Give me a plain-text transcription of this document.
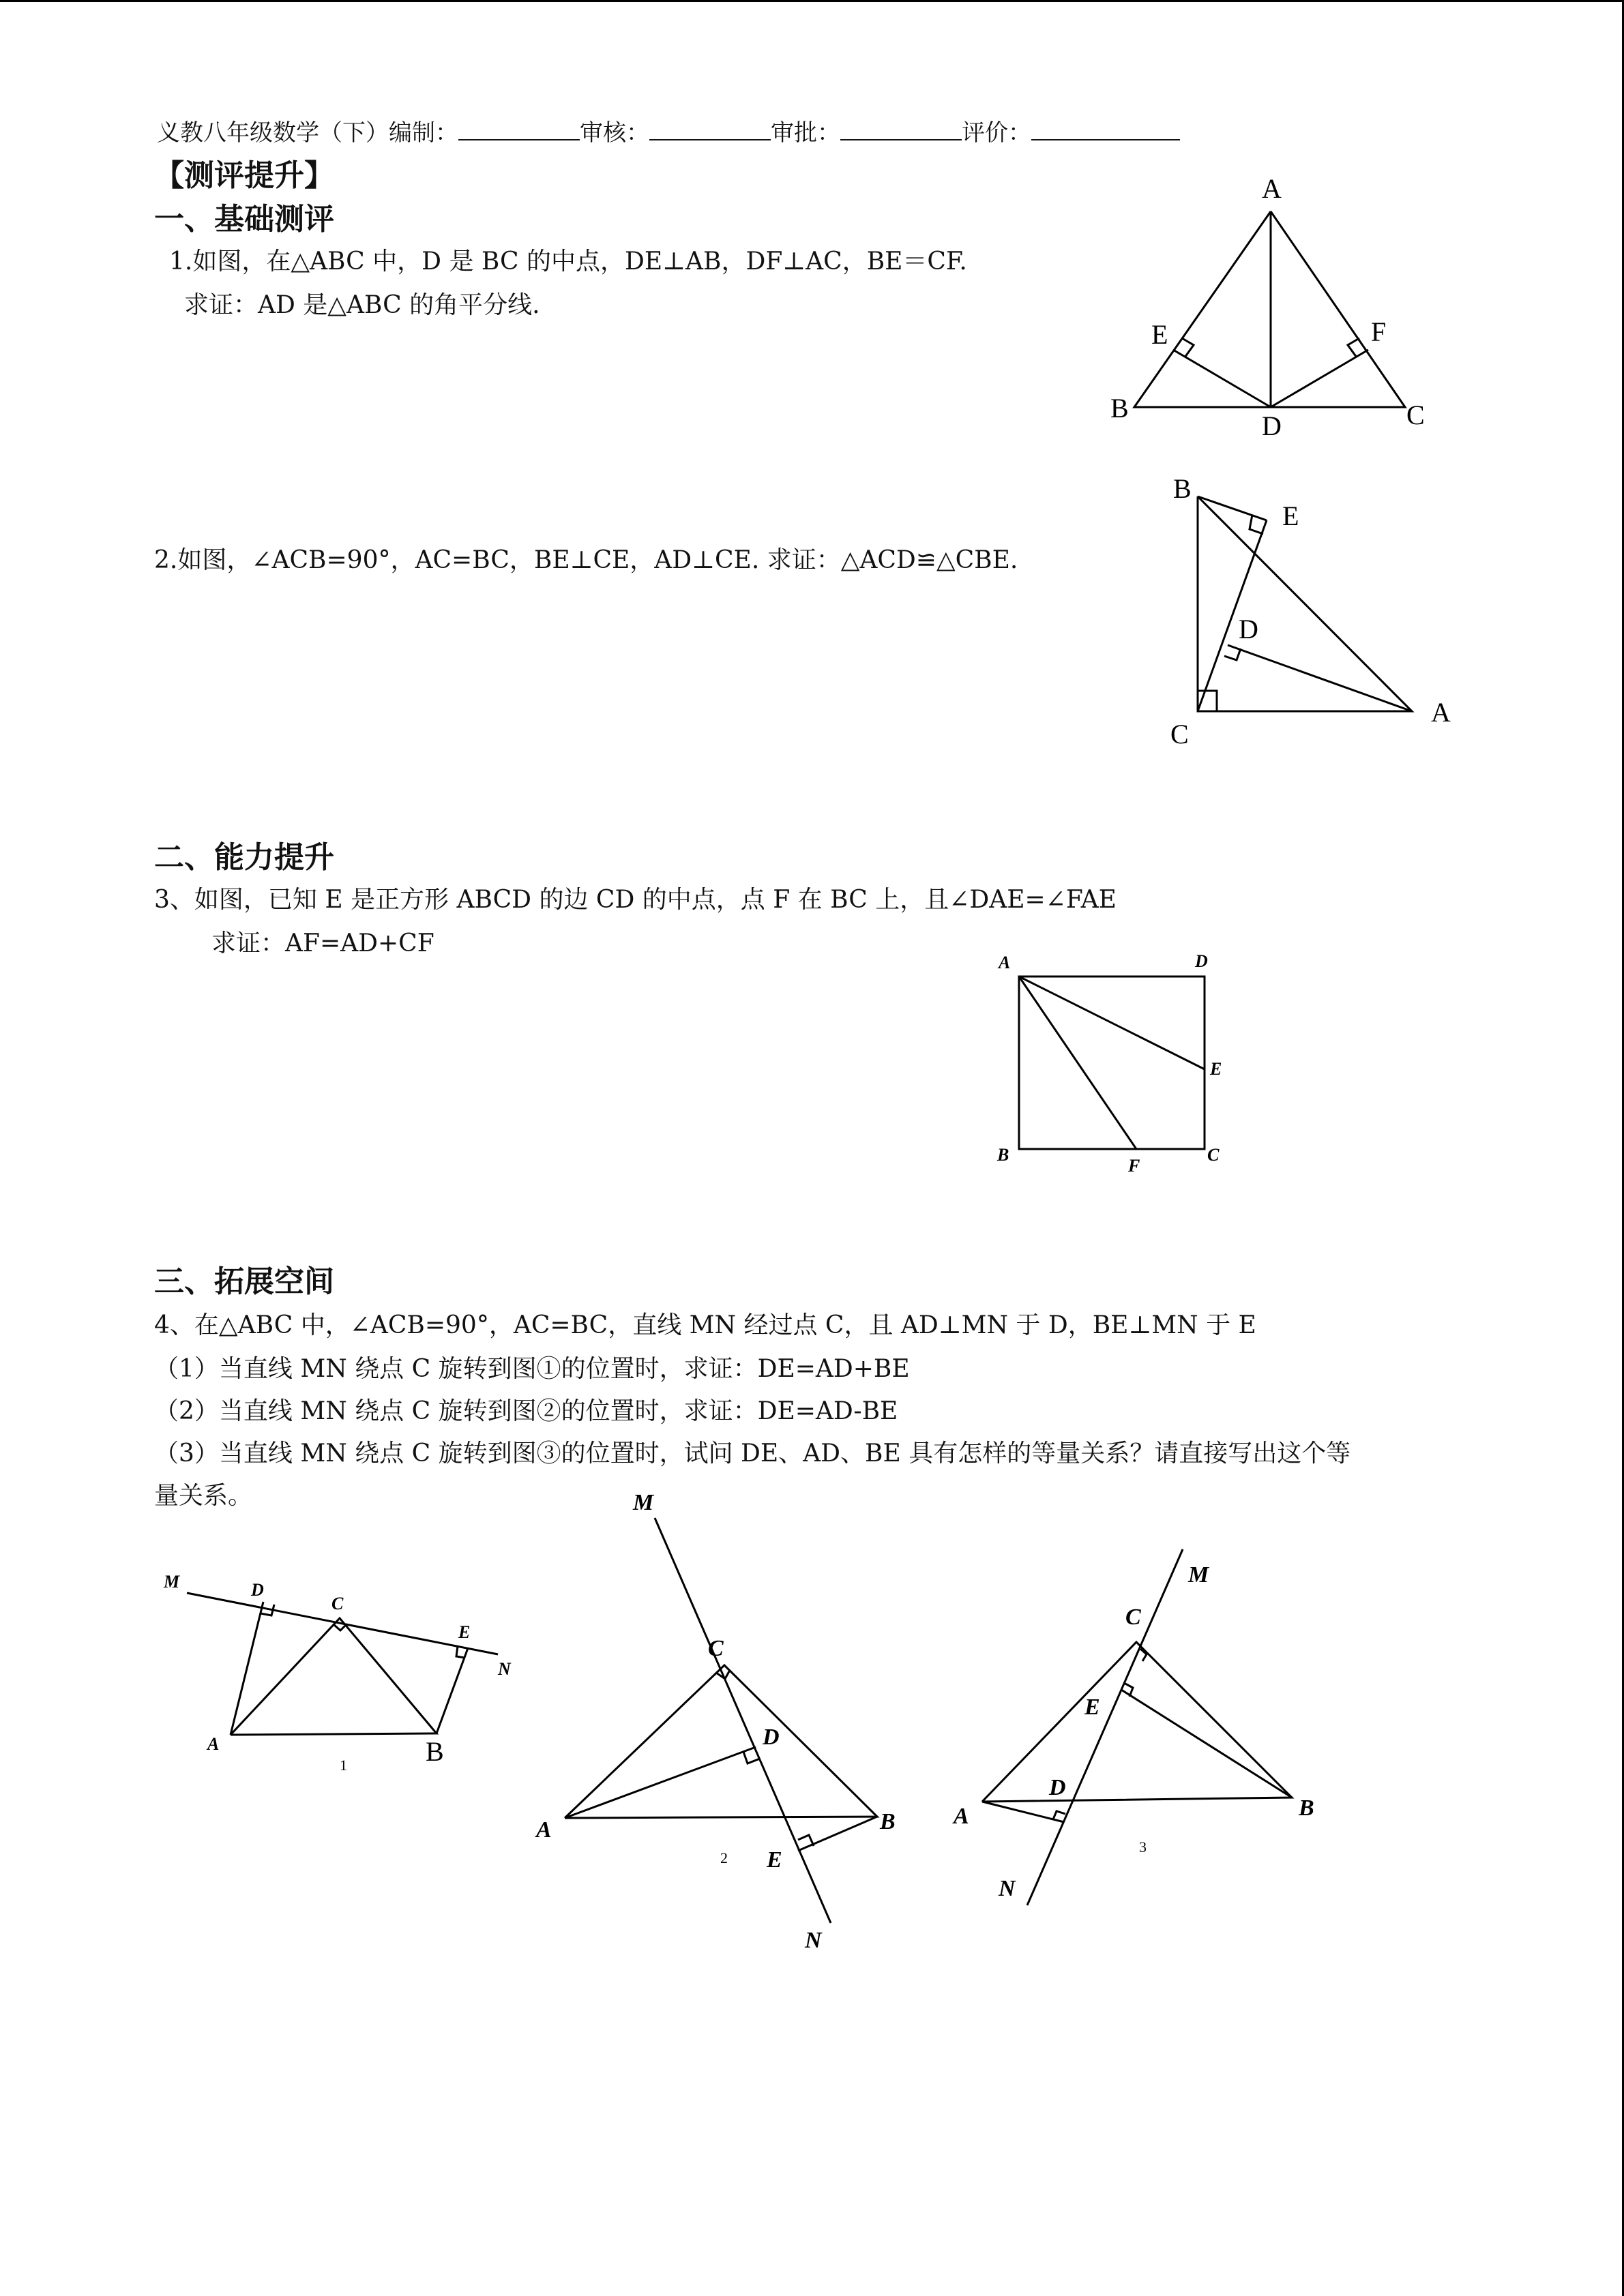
义教八年级数学（下）编制：	审核：	审批：	评价：
【测评提升】
一、基础测评
1.如图，在△ABC 中，D 是 BC 的中点，DE⊥AB，DF⊥AC，BE＝CF.
求证：AD 是△ABC 的角平分线.
2.如图，∠ACB=90°，AC=BC，BE⊥CE，AD⊥CE. 求证：△ACD≌△CBE.
二、能力提升
3、如图，已知 E 是正方形 ABCD 的边 CD 的中点，点 F 在 BC 上，且∠DAE=∠FAE
求证：AF=AD+CF
三、拓展空间
4、在△ABC 中，∠ACB=90°，AC=BC，直线 MN 经过点 C，且 AD⊥MN 于 D，BE⊥MN 于 E
（1）当直线 MN 绕点 C 旋转到图①的位置时，求证：DE=AD+BE
（2）当直线 MN 绕点 C 旋转到图②的位置时，求证：DE=AD-BE
（3）当直线 MN 绕点 C 旋转到图③的位置时，试问 DE、AD、BE 具有怎样的等量关系？请直接写出这个等
量关系。
A
E	F
B
D	C
B
E
D
C
A
A	D
E
B
F
C
M	D
C
E
N
A	B
1
M
C
D
A	B
E
N
2
M
C
E
D
A	B
N
3
